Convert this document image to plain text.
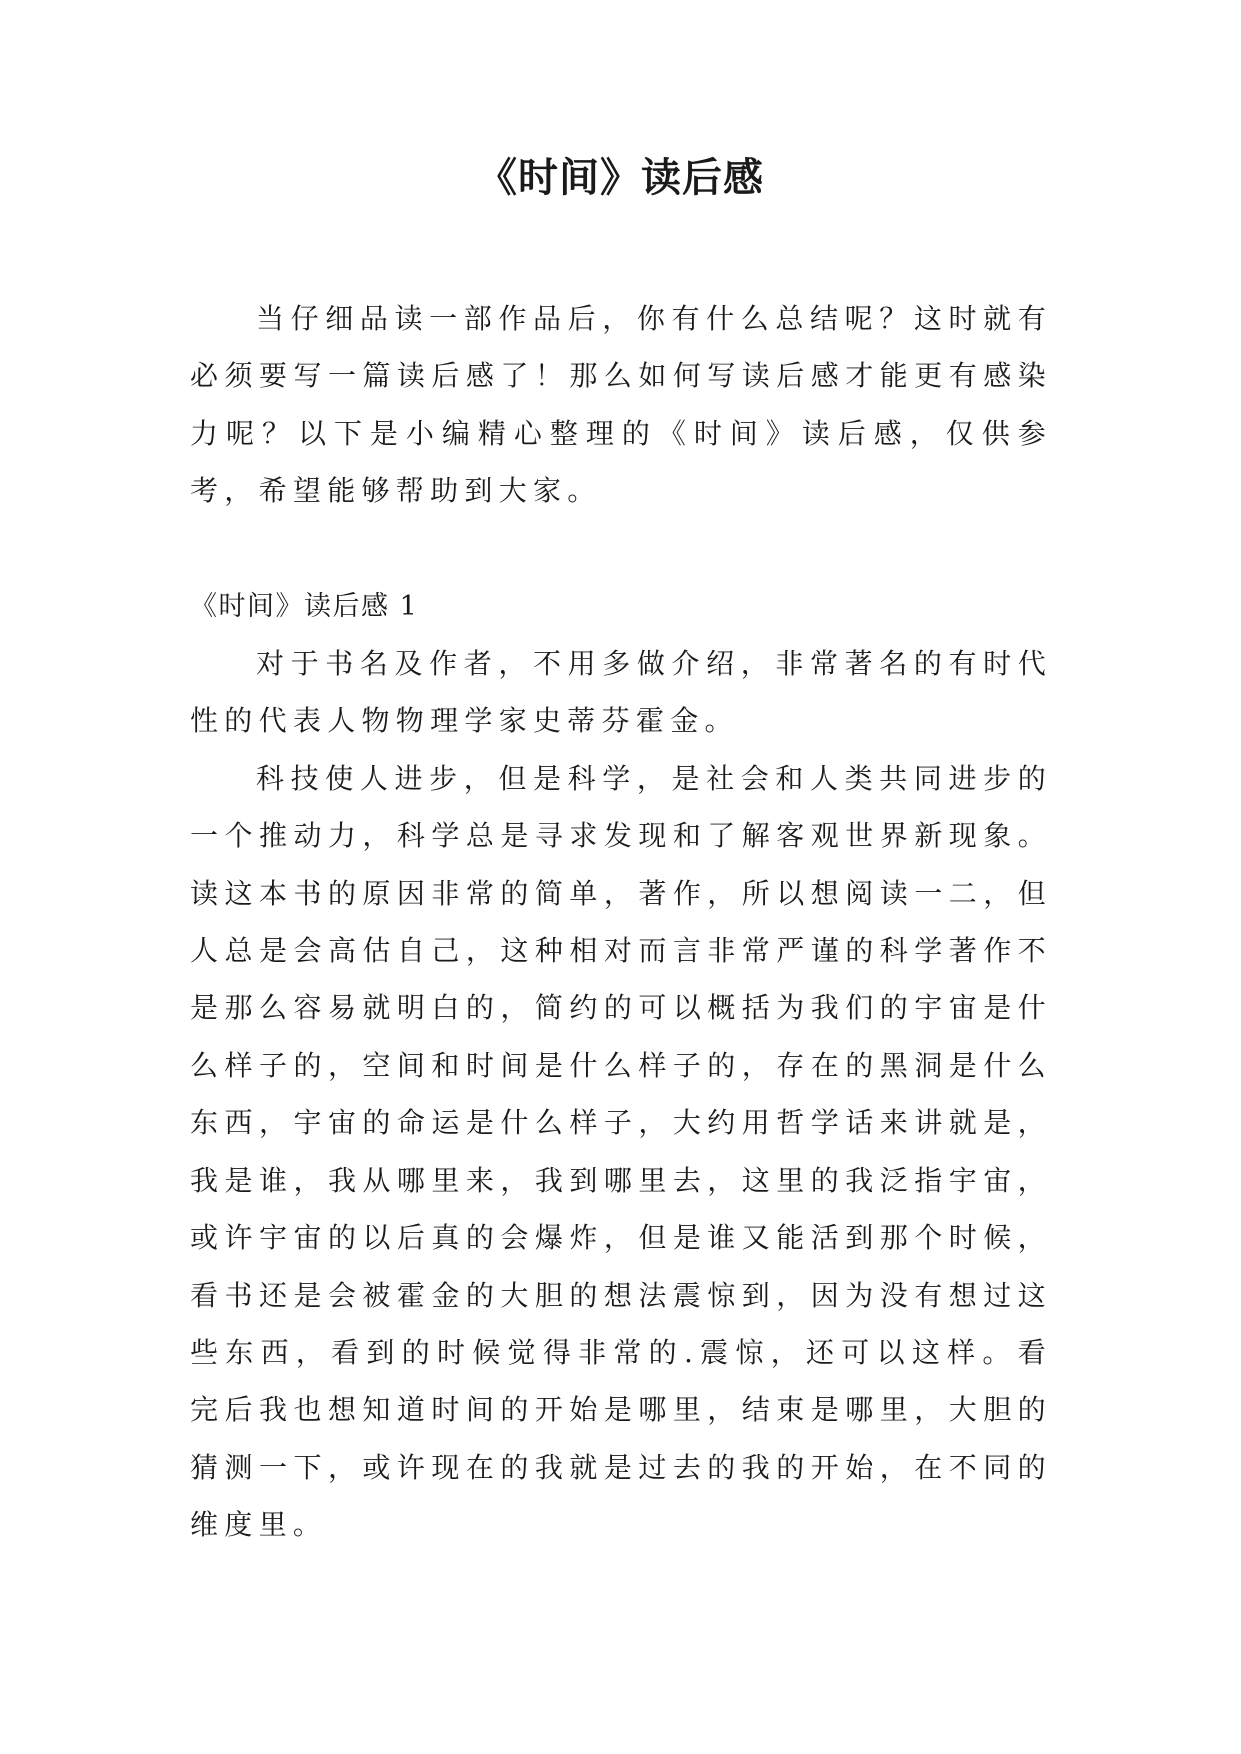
《时间》读后感

当仔细品读一部作品后，你有什么总结呢？这时就有必须要写一篇读后感了！那么如何写读后感才能更有感染力呢？以下是小编精心整理的《时间》读后感，仅供参考，希望能够帮助到大家。

《时间》读后感 1

对于书名及作者，不用多做介绍，非常著名的有时代性的代表人物物理学家史蒂芬霍金。

科技使人进步，但是科学，是社会和人类共同进步的一个推动力，科学总是寻求发现和了解客观世界新现象。读这本书的原因非常的简单，著作，所以想阅读一二，但人总是会高估自己，这种相对而言非常严谨的科学著作不是那么容易就明白的，简约的可以概括为我们的宇宙是什么样子的，空间和时间是什么样子的，存在的黑洞是什么东西，宇宙的命运是什么样子，大约用哲学话来讲就是，我是谁，我从哪里来，我到哪里去，这里的我泛指宇宙，或许宇宙的以后真的会爆炸，但是谁又能活到那个时候，看书还是会被霍金的大胆的想法震惊到，因为没有想过这些东西，看到的时候觉得非常的.震惊，还可以这样。看完后我也想知道时间的开始是哪里，结束是哪里，大胆的猜测一下，或许现在的我就是过去的我的开始，在不同的维度里。
